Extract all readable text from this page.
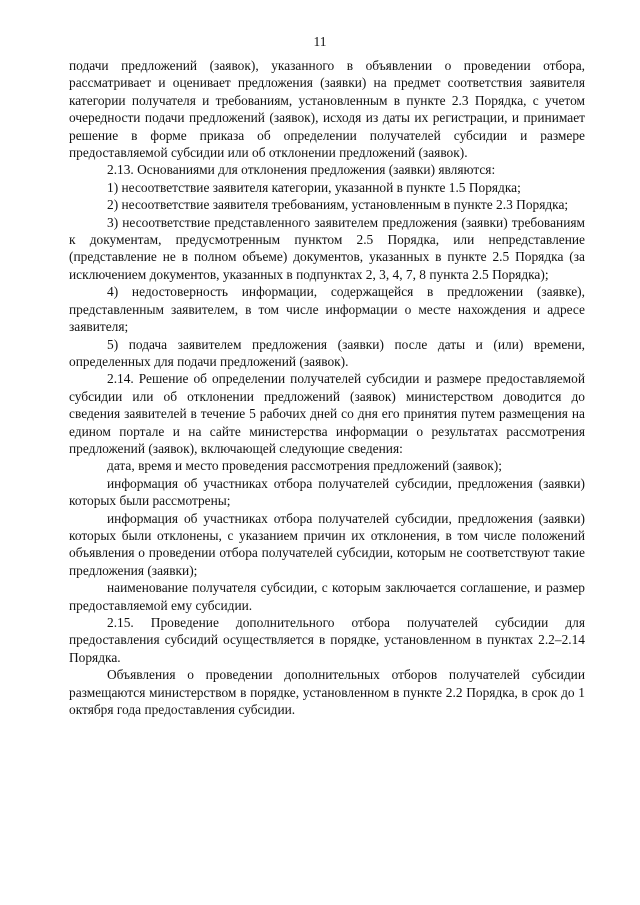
11

подачи предложений (заявок), указанного в объявлении о проведении отбора, рассматривает и оценивает предложения (заявки) на предмет соответствия заявителя категории получателя и требованиям, установленным в пункте 2.3 Порядка, с учетом очередности подачи предложений (заявок), исходя из даты их регистрации, и принимает решение в форме приказа об определении получателей субсидии и размере предоставляемой субсидии или об отклонении предложений (заявок).

2.13. Основаниями для отклонения предложения (заявки) являются:

1) несоответствие заявителя категории, указанной в пункте 1.5 Порядка;

2) несоответствие заявителя требованиям, установленным в пункте 2.3 Порядка;

3) несоответствие представленного заявителем предложения (заявки) требованиям к документам, предусмотренным пунктом 2.5 Порядка, или непредставление (представление не в полном объеме) документов, указанных в пункте 2.5 Порядка (за исключением документов, указанных в подпунктах 2, 3, 4, 7, 8 пункта 2.5 Порядка);

4) недостоверность информации, содержащейся в предложении (заявке), представленным заявителем, в том числе информации о месте нахождения и адресе заявителя;

5) подача заявителем предложения (заявки) после даты и (или) времени, определенных для подачи предложений (заявок).

2.14. Решение об определении получателей субсидии и размере предоставляемой субсидии или об отклонении предложений (заявок) министерством доводится до сведения заявителей в течение 5 рабочих дней со дня его принятия путем размещения на едином портале и на сайте министерства информации о результатах рассмотрения предложений (заявок), включающей следующие сведения:

дата, время и место проведения рассмотрения предложений (заявок);

информация об участниках отбора получателей субсидии, предложения (заявки) которых были рассмотрены;

информация об участниках отбора получателей субсидии, предложения (заявки) которых были отклонены, с указанием причин их отклонения, в том числе положений объявления о проведении отбора получателей субсидии, которым не соответствуют такие предложения (заявки);

наименование получателя субсидии, с которым заключается соглашение, и размер предоставляемой ему субсидии.

2.15. Проведение дополнительного отбора получателей субсидии для предоставления субсидий осуществляется в порядке, установленном в пунктах 2.2–2.14 Порядка.

Объявления о проведении дополнительных отборов получателей субсидии размещаются министерством в порядке, установленном в пункте 2.2 Порядка, в срок до 1 октября года предоставления субсидии.
